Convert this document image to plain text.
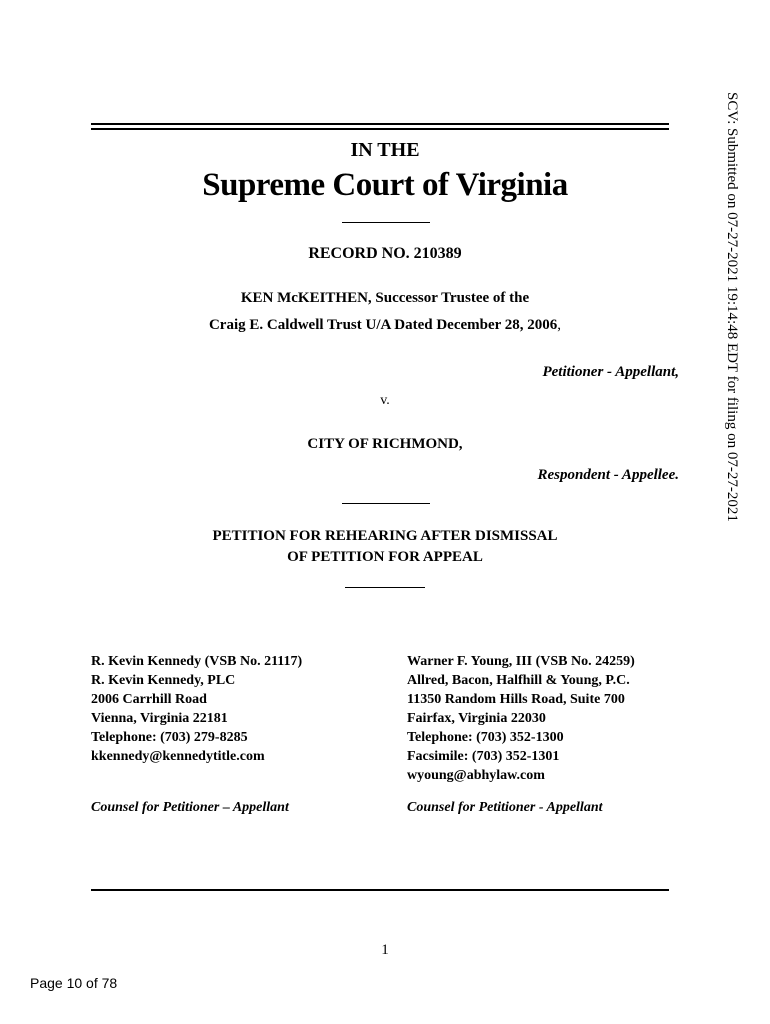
SCV: Submitted on 07-27-2021 19:14:48 EDT for filing on 07-27-2021
IN THE
Supreme Court of Virginia
RECORD NO. 210389
KEN McKEITHEN, Successor Trustee of the
Craig E. Caldwell Trust U/A Dated December 28, 2006,
Petitioner - Appellant,
v.
CITY OF RICHMOND,
Respondent - Appellee.
PETITION FOR REHEARING AFTER DISMISSAL
OF PETITION FOR APPEAL
R. Kevin Kennedy (VSB No. 21117)
R. Kevin Kennedy, PLC
2006 Carrhill Road
Vienna, Virginia 22181
Telephone: (703) 279-8285
kkennedy@kennedytitle.com
Counsel for Petitioner – Appellant
Warner F. Young, III (VSB No. 24259)
Allred, Bacon, Halfhill & Young, P.C.
11350 Random Hills Road, Suite 700
Fairfax, Virginia 22030
Telephone: (703) 352-1300
Facsimile: (703) 352-1301
wyoung@abhylaw.com
Counsel for Petitioner - Appellant
1
Page 10 of 78
